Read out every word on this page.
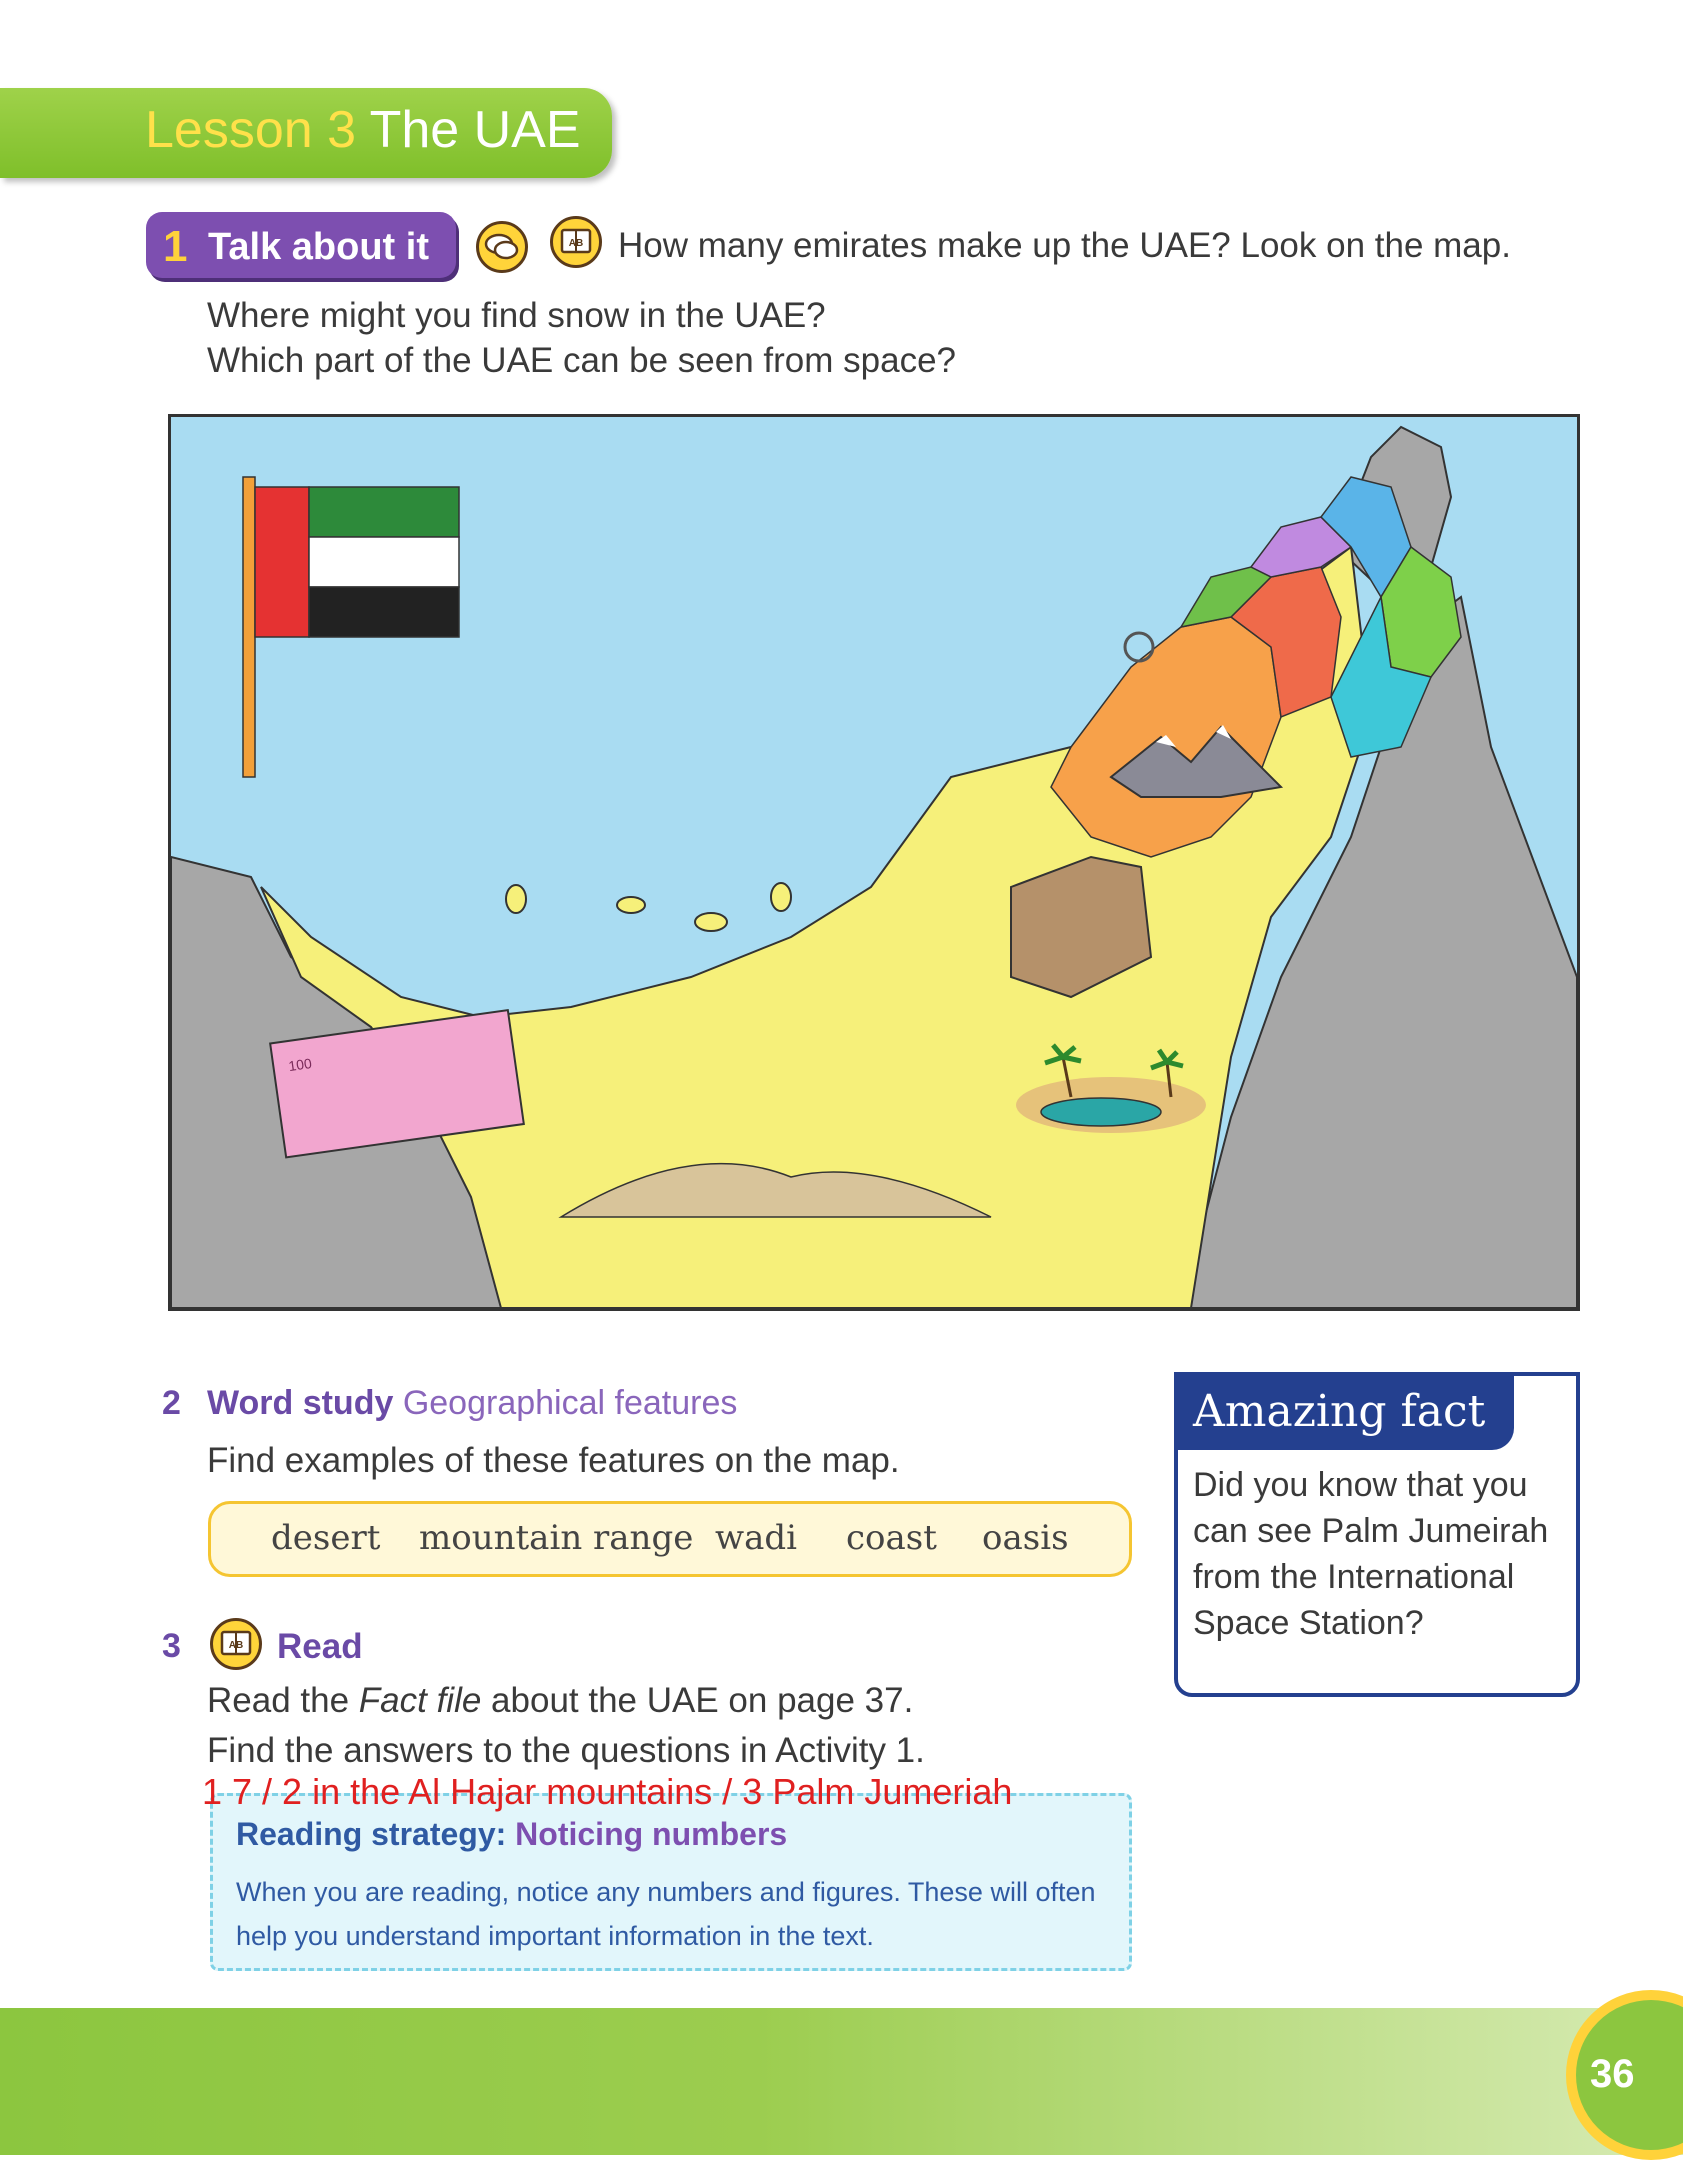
Lesson 3 The UAE
1 Talk about it	AB How many emirates make up the UAE? Look on the map.
Where might you find snow in the UAE?
Which part of the UAE can be seen from space?
100
2 Word study Geographical features
Find examples of these features on the map.
desert mountain range wadi coast oasis
3	AB Read
Read the Fact file about the UAE on page 37.
Find the answers to the questions in Activity 1.
1 7 / 2 in the Al Hajar mountains / 3 Palm Jumeriah
Reading strategy: Noticing numbers
When you are reading, notice any numbers and figures. These will often help you understand important information in the text.
Amazing fact
Did you know that you can see Palm Jumeirah from the International Space Station?
36
